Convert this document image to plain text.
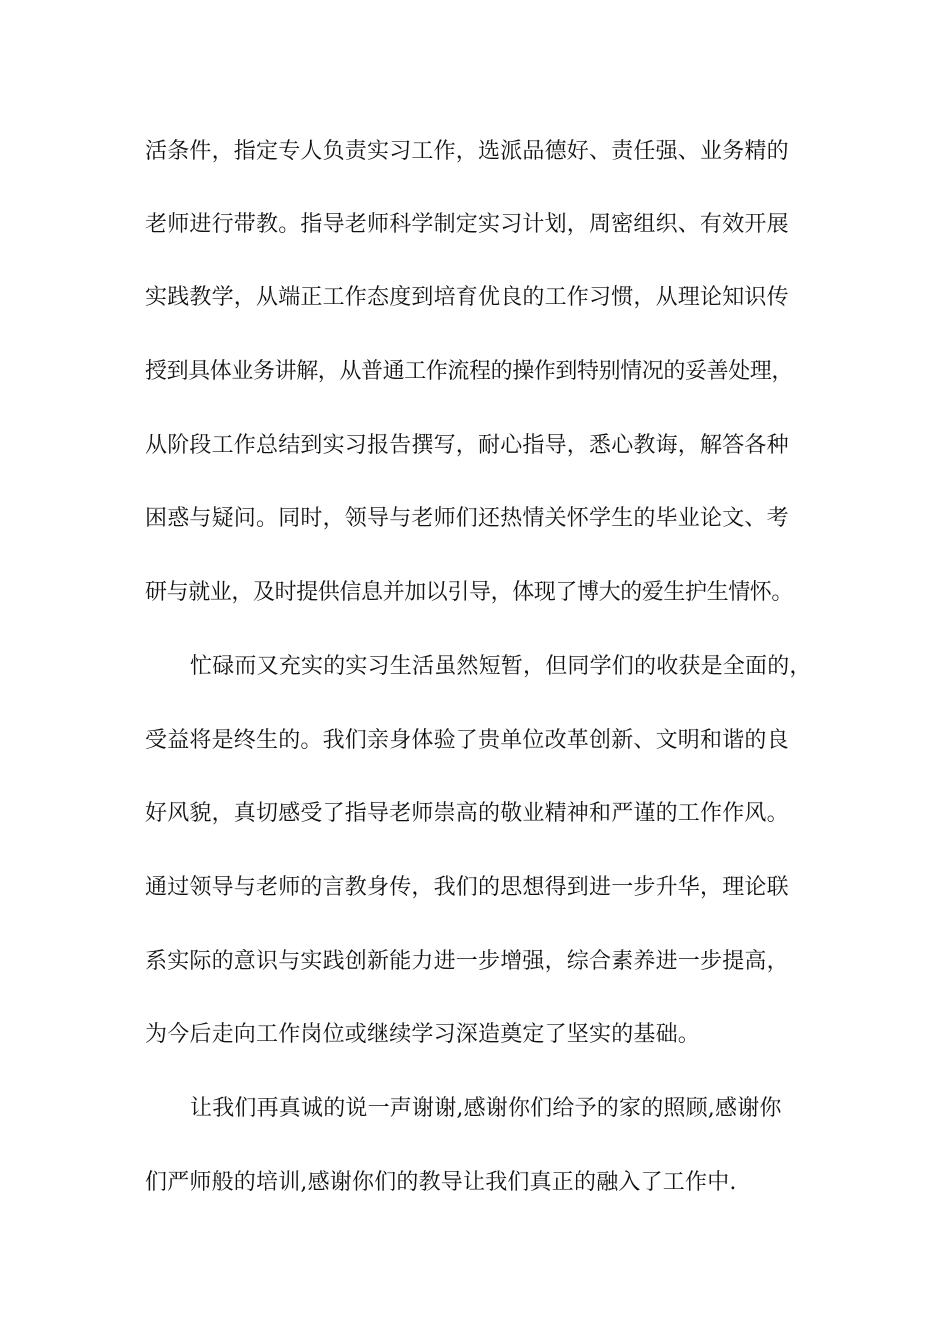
活条件，指定专人负责实习工作，选派品德好、责任强、业务精的
老师进行带教。指导老师科学制定实习计划，周密组织、有效开展
实践教学，从端正工作态度到培育优良的工作习惯，从理论知识传
授到具体业务讲解，从普通工作流程的操作到特别情况的妥善处理，
从阶段工作总结到实习报告撰写，耐心指导，悉心教诲，解答各种
困惑与疑问。同时，领导与老师们还热情关怀学生的毕业论文、考
研与就业，及时提供信息并加以引导，体现了博大的爱生护生情怀。
忙碌而又充实的实习生活虽然短暂，但同学们的收获是全面的，
受益将是终生的。我们亲身体验了贵单位改革创新、文明和谐的良
好风貌，真切感受了指导老师崇高的敬业精神和严谨的工作作风。
通过领导与老师的言教身传，我们的思想得到进一步升华，理论联
系实际的意识与实践创新能力进一步增强，综合素养进一步提高，
为今后走向工作岗位或继续学习深造奠定了坚实的基础。
让我们再真诚的说一声谢谢,感谢你们给予的家的照顾,感谢你
们严师般的培训,感谢你们的教导让我们真正的融入了工作中.
